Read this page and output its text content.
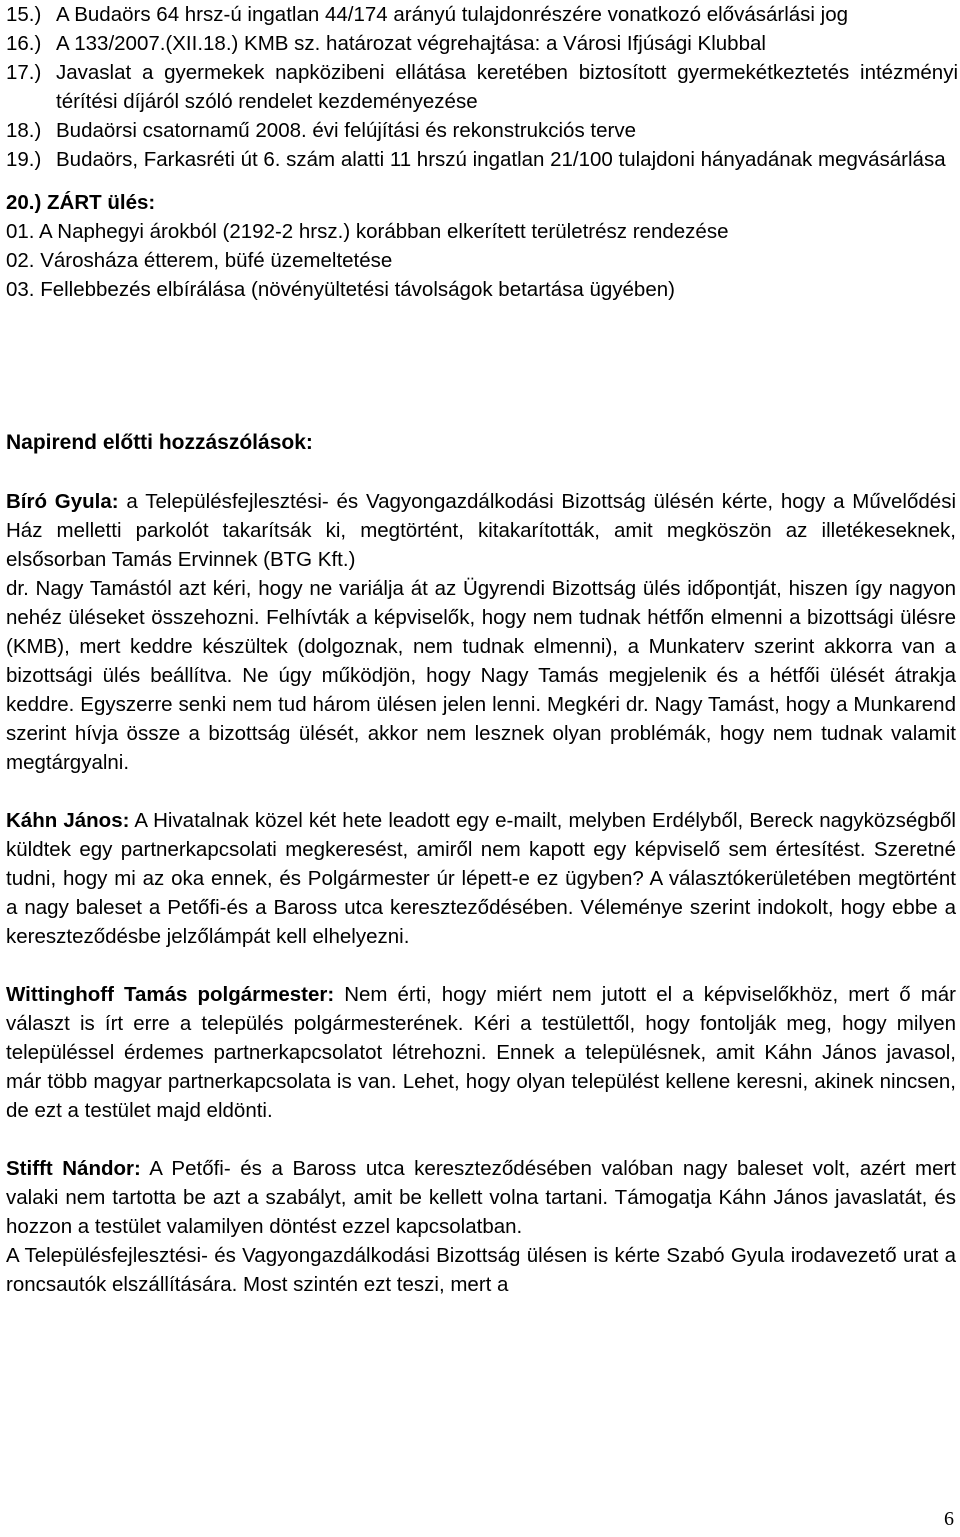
15.) A Budaörs 64 hrsz-ú ingatlan 44/174 arányú tulajdonrészére vonatkozó elővásárlási jog
16.) A 133/2007.(XII.18.) KMB sz. határozat végrehajtása: a Városi Ifjúsági Klubbal
17.) Javaslat a gyermekek napközibeni ellátása keretében biztosított gyermekétkeztetés intézményi térítési díjáról szóló rendelet kezdeményezése
18.) Budaörsi csatornamű 2008. évi felújítási és rekonstrukciós terve
19.) Budaörs, Farkasréti út 6. szám alatti 11 hrszú ingatlan 21/100 tulajdoni hányadának megvásárlása
20.) ZÁRT ülés:
01. A Naphegyi árokból (2192-2 hrsz.) korábban elkerített területrész rendezése
02. Városháza étterem, büfé üzemeltetése
03. Fellebbezés elbírálása (növényültetési távolságok betartása ügyében)
Napirend előtti hozzászólások:

Bíró Gyula: a Településfejlesztési- és Vagyongazdálkodási Bizottság ülésén kérte, hogy a Művelődési Ház melletti parkolót takarítsák ki, megtörtént, kitakarították, amit megköszön az illetékeseknek, elsősorban Tamás Ervinnek (BTG Kft.)

dr. Nagy Tamástól azt kéri, hogy ne variálja át az Ügyrendi Bizottság ülés időpontját, hiszen így nagyon nehéz üléseket összehozni. Felhívták a képviselők, hogy nem tudnak hétfőn elmenni a bizottsági ülésre (KMB), mert keddre készültek (dolgoznak, nem tudnak elmenni), a Munkaterv szerint akkorra van a bizottsági ülés beállítva. Ne úgy működjön, hogy Nagy Tamás megjelenik és a hétfői ülését átrakja keddre. Egyszerre senki nem tud három ülésen jelen lenni. Megkéri dr. Nagy Tamást, hogy a Munkarend szerint hívja össze a bizottság ülését, akkor nem lesznek olyan problémák, hogy nem tudnak valamit megtárgyalni.

Káhn János: A Hivatalnak közel két hete leadott egy e-mailt, melyben Erdélyből, Bereck nagyközségből küldtek egy partnerkapcsolati megkeresést, amiről nem kapott egy képviselő sem értesítést. Szeretné tudni, hogy mi az oka ennek, és Polgármester úr lépett-e ez ügyben? A választókerületében megtörtént a nagy baleset a Petőfi-és a Baross utca kereszteződésében. Véleménye szerint indokolt, hogy ebbe a kereszteződésbe jelzőlámpát kell elhelyezni.

Wittinghoff Tamás polgármester: Nem érti, hogy miért nem jutott el a képviselőkhöz, mert ő már választ is írt erre a település polgármesterének. Kéri a testülettől, hogy fontolják meg, hogy milyen településsel érdemes partnerkapcsolatot létrehozni. Ennek a településnek, amit Káhn János javasol, már több magyar partnerkapcsolata is van. Lehet, hogy olyan települést kellene keresni, akinek nincsen, de ezt a testület majd eldönti.

Stifft Nándor: A Petőfi- és a Baross utca kereszteződésében valóban nagy baleset volt, azért mert valaki nem tartotta be azt a szabályt, amit be kellett volna tartani. Támogatja Káhn János javaslatát, és hozzon a testület valamilyen döntést ezzel kapcsolatban.

A Településfejlesztési- és Vagyongazdálkodási Bizottság ülésen is kérte Szabó Gyula irodavezető urat a roncsautók elszállítására. Most szintén ezt teszi, mert a

6
